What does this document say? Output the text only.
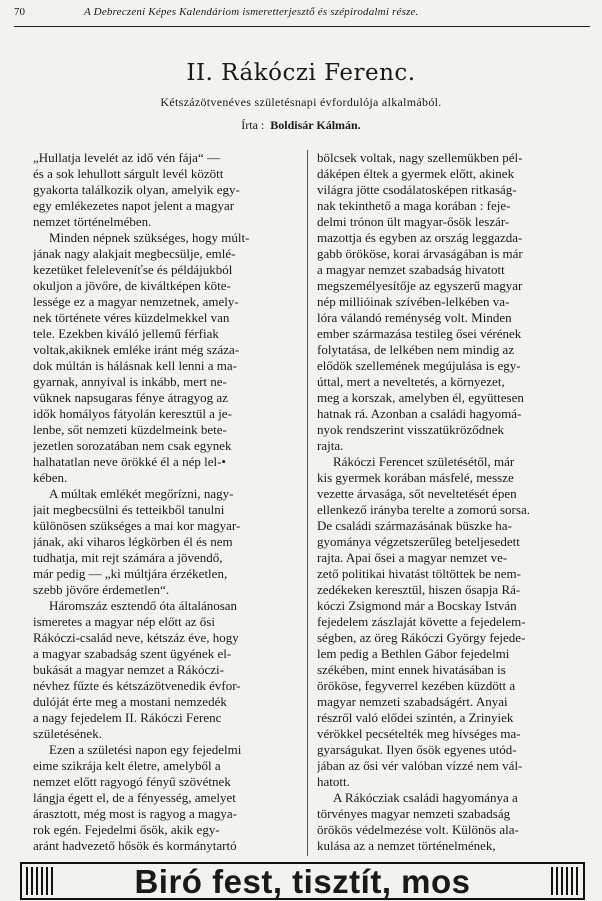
70	A Debreczeni Képes Kalendáriom ismeretterjesztő és szépirodalmi része.
II. Rákóczi Ferenc.
Kétszázötvenéves születésnapi évfordulója alkalmából.
Írta : Boldisár Kálmán.
„Hullatja levelét az idő vén fája“ —
és a sok lehullott sárgult levél között
gyakorta találkozik olyan, amelyik egy-
egy emlékezetes napot jelent a magyar
nemzet történelmében.
Minden népnek szükséges, hogy múlt-
jának nagy alakjait megbecsülje, emlé-
kezetüket feleleveníťse és példájukból
okuljon a jövőre, de kiváltképen köte-
lessége ez a magyar nemzetnek, amely-
nek története véres küzdelmekkel van
tele. Ezekben kiváló jellemű férfiak
voltak,akiknek emléke iránt még száza-
dok múltán is hálásnak kell lenni a ma-
gyarnak, annyival is inkább, mert ne-
vüknek napsugaras fénye átragyog az
idők homályos fátyolán keresztül a je-
lenbe, sőt nemzeti küzdelmeink bete-
jezetlen sorozatában nem csak egynek
halhatatlan neve örökké él a nép lel-•
kében.
A múltak emlékét megőrízni, nagy-
jait megbecsülni és tetteikből tanulni
különösen szükséges a mai kor magyar-
jának, aki viharos légkörben él és nem
tudhatja, mit rejt számára a jövendő,
már pedig — „ki múltjára érzéketlen,
szebb jövőre érdemetlen“.
Háromszáz esztendő óta általánosan
ismeretes a magyar nép előtt az ősi
Rákóczi-család neve, kétszáz éve, hogy
a magyar szabadság szent ügyének el-
bukását a magyar nemzet a Rákóczi-
névhez fűzte és kétszázötvenedik évfor-
dulóját érte meg a mostani nemzedék
a nagy fejedelem II. Rákóczi Ferenc
születésének.
Ezen a születési napon egy fejedelmi
eime szikrája kelt életre, amelyből a
nemzet előtt ragyogó fényű szövétnek
lángja égett el, de a fényesség, amelyet
árasztott, még most is ragyog a magya-
rok egén. Fejedelmi ősök, akik egy-
aránt hadvezető hősök és kormánytartó
bölcsek voltak, nagy szellemükben pél-
dáképen éltek a gyermek előtt, akinek
világra jötte csodálatosképen ritkaság-
nak tekinthető a maga korában : feje-
delmi trónon ült magyar-ősök leszár-
mazottja és egyben az ország leggazda-
gabb örököse, korai árvaságában is már
a magyar nemzet szabadság hivatott
megszemélyesítője az egyszerű magyar
nép millióinak szívében-lelkében va-
lóra válandó reménység volt. Minden
ember származása testileg ősei vérének
folytatása, de lelkében nem mindig az
elődök szellemének megújulása is egy-
úttal, mert a neveltetés, a környezet,
meg a korszak, amelyben él, együttesen
hatnak rá. Azonban a családi hagyomá-
nyok rendszerint visszatükröződnek
rajta.
Rákóczi Ferencet születésétől, már
kis gyermek korában másfelé, messze
vezette árvasága, sőt neveltetését épen
ellenkező irányba terelte a zomorú sorsa.
De családi származásának büszke ha-
gyománya végzetszerűleg beteljesedett
rajta. Apai ősei a magyar nemzet ve-
zető politikai hivatást töltöttek be nem-
zedékeken keresztül, hiszen ősapja Rá-
kóczi Zsigmond már a Bocskay István
fejedelem zászlaját követte a fejedelem-
ségben, az öreg Rákóczi György fejede-
lem pedig a Bethlen Gábor fejedelmi
székében, mint ennek hivatásában is
örököse, fegyverrel kezében küzdött a
magyar nemzeti szabadságért. Anyai
részről való elődei szintén, a Zrinyiek
vérökkel pecsételték meg hívséges ma-
gyarságukat. Ilyen ősök egyenes utód-
jában az ősi vér valóban vízzé nem vál-
hatott.
A Rákócziak családi hagyománya a
törvényes magyar nemzeti szabadság
örökös védelmezése volt. Különös ala-
kulása az a nemzet történelmének,
Biró fest, tisztít, mos
